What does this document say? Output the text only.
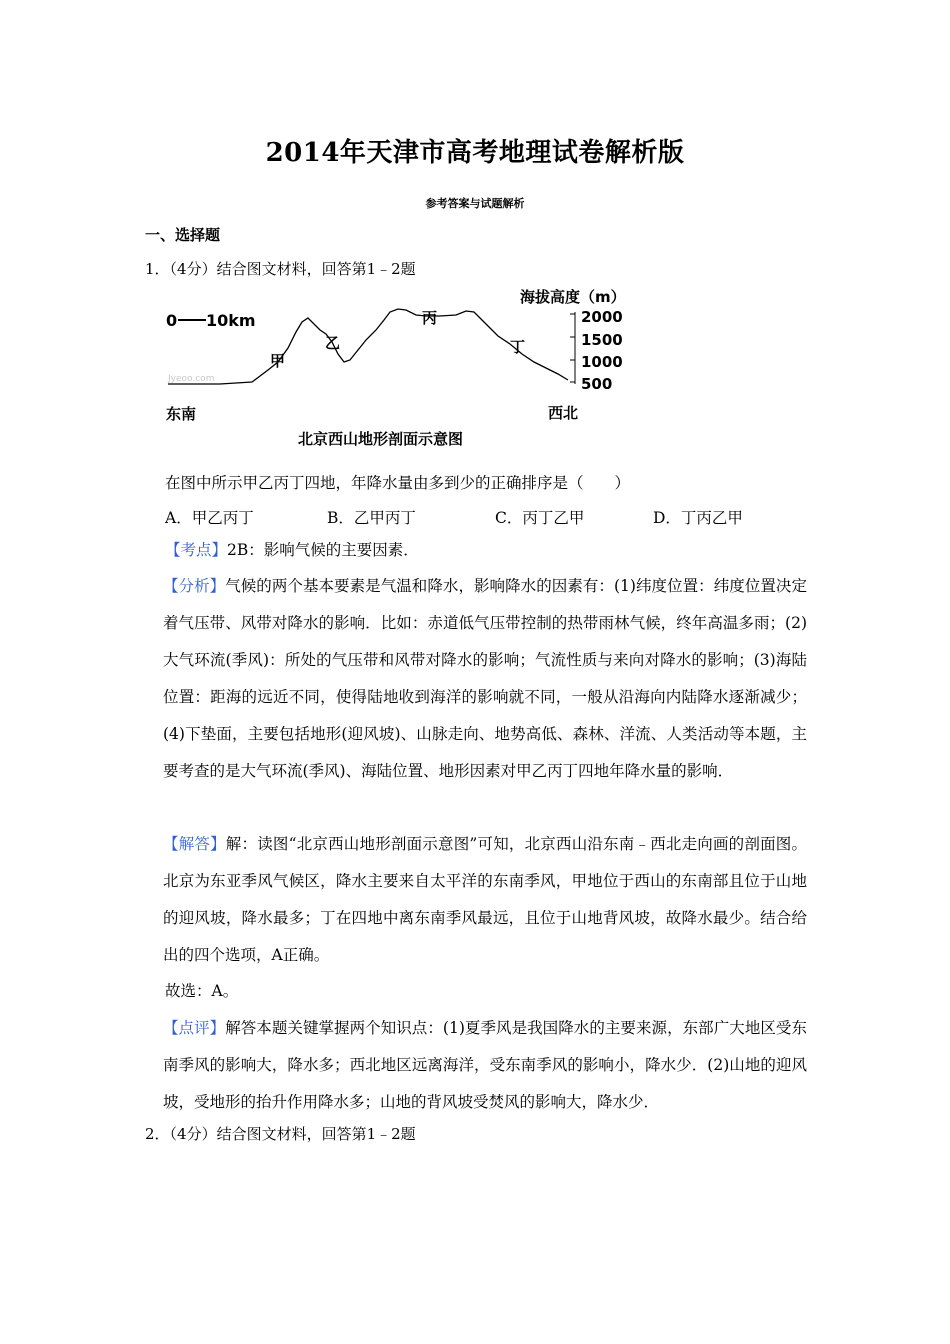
2014年天津市高考地理试卷解析版
参考答案与试题解析
一、选择题
1．（4分）结合图文材料，回答第1﹣2题
0 10km
海拔高度（m）
2000
1500
1000
500
甲
乙
丙
丁
Jyeoo.com
东南	西北
北京西山地形剖面示意图
在图中所示甲乙丙丁四地，年降水量由多到少的正确排序是（　　）
A．甲乙丙丁	B．乙甲丙丁	C．丙丁乙甲	D．丁丙乙甲
【考点】2B：影响气候的主要因素．
【分析】气候的两个基本要素是气温和降水，影响降水的因素有：(1)纬度位置：纬度位置决定着气压带、风带对降水的影响．比如：赤道低气压带控制的热带雨林气候，终年高温多雨；(2)大气环流(季风)：所处的气压带和风带对降水的影响；气流性质与来向对降水的影响；(3)海陆位置：距海的远近不同，使得陆地收到海洋的影响就不同，一般从沿海向内陆降水逐渐减少；(4)下垫面，主要包括地形(迎风坡)、山脉走向、地势高低、森林、洋流、人类活动等本题，主要考查的是大气环流(季风)、海陆位置、地形因素对甲乙丙丁四地年降水量的影响．
【解答】解：读图“北京西山地形剖面示意图”可知，北京西山沿东南﹣西北走向画的剖面图。北京为东亚季风气候区，降水主要来自太平洋的东南季风，甲地位于西山的东南部且位于山地的迎风坡，降水最多；丁在四地中离东南季风最远，且位于山地背风坡，故降水最少。结合给出的四个选项，A正确。
故选：A。
【点评】解答本题关键掌握两个知识点：(1)夏季风是我国降水的主要来源，东部广大地区受东南季风的影响大，降水多；西北地区远离海洋，受东南季风的影响小，降水少．(2)山地的迎风坡，受地形的抬升作用降水多；山地的背风坡受焚风的影响大，降水少．
2．（4分）结合图文材料，回答第1﹣2题
